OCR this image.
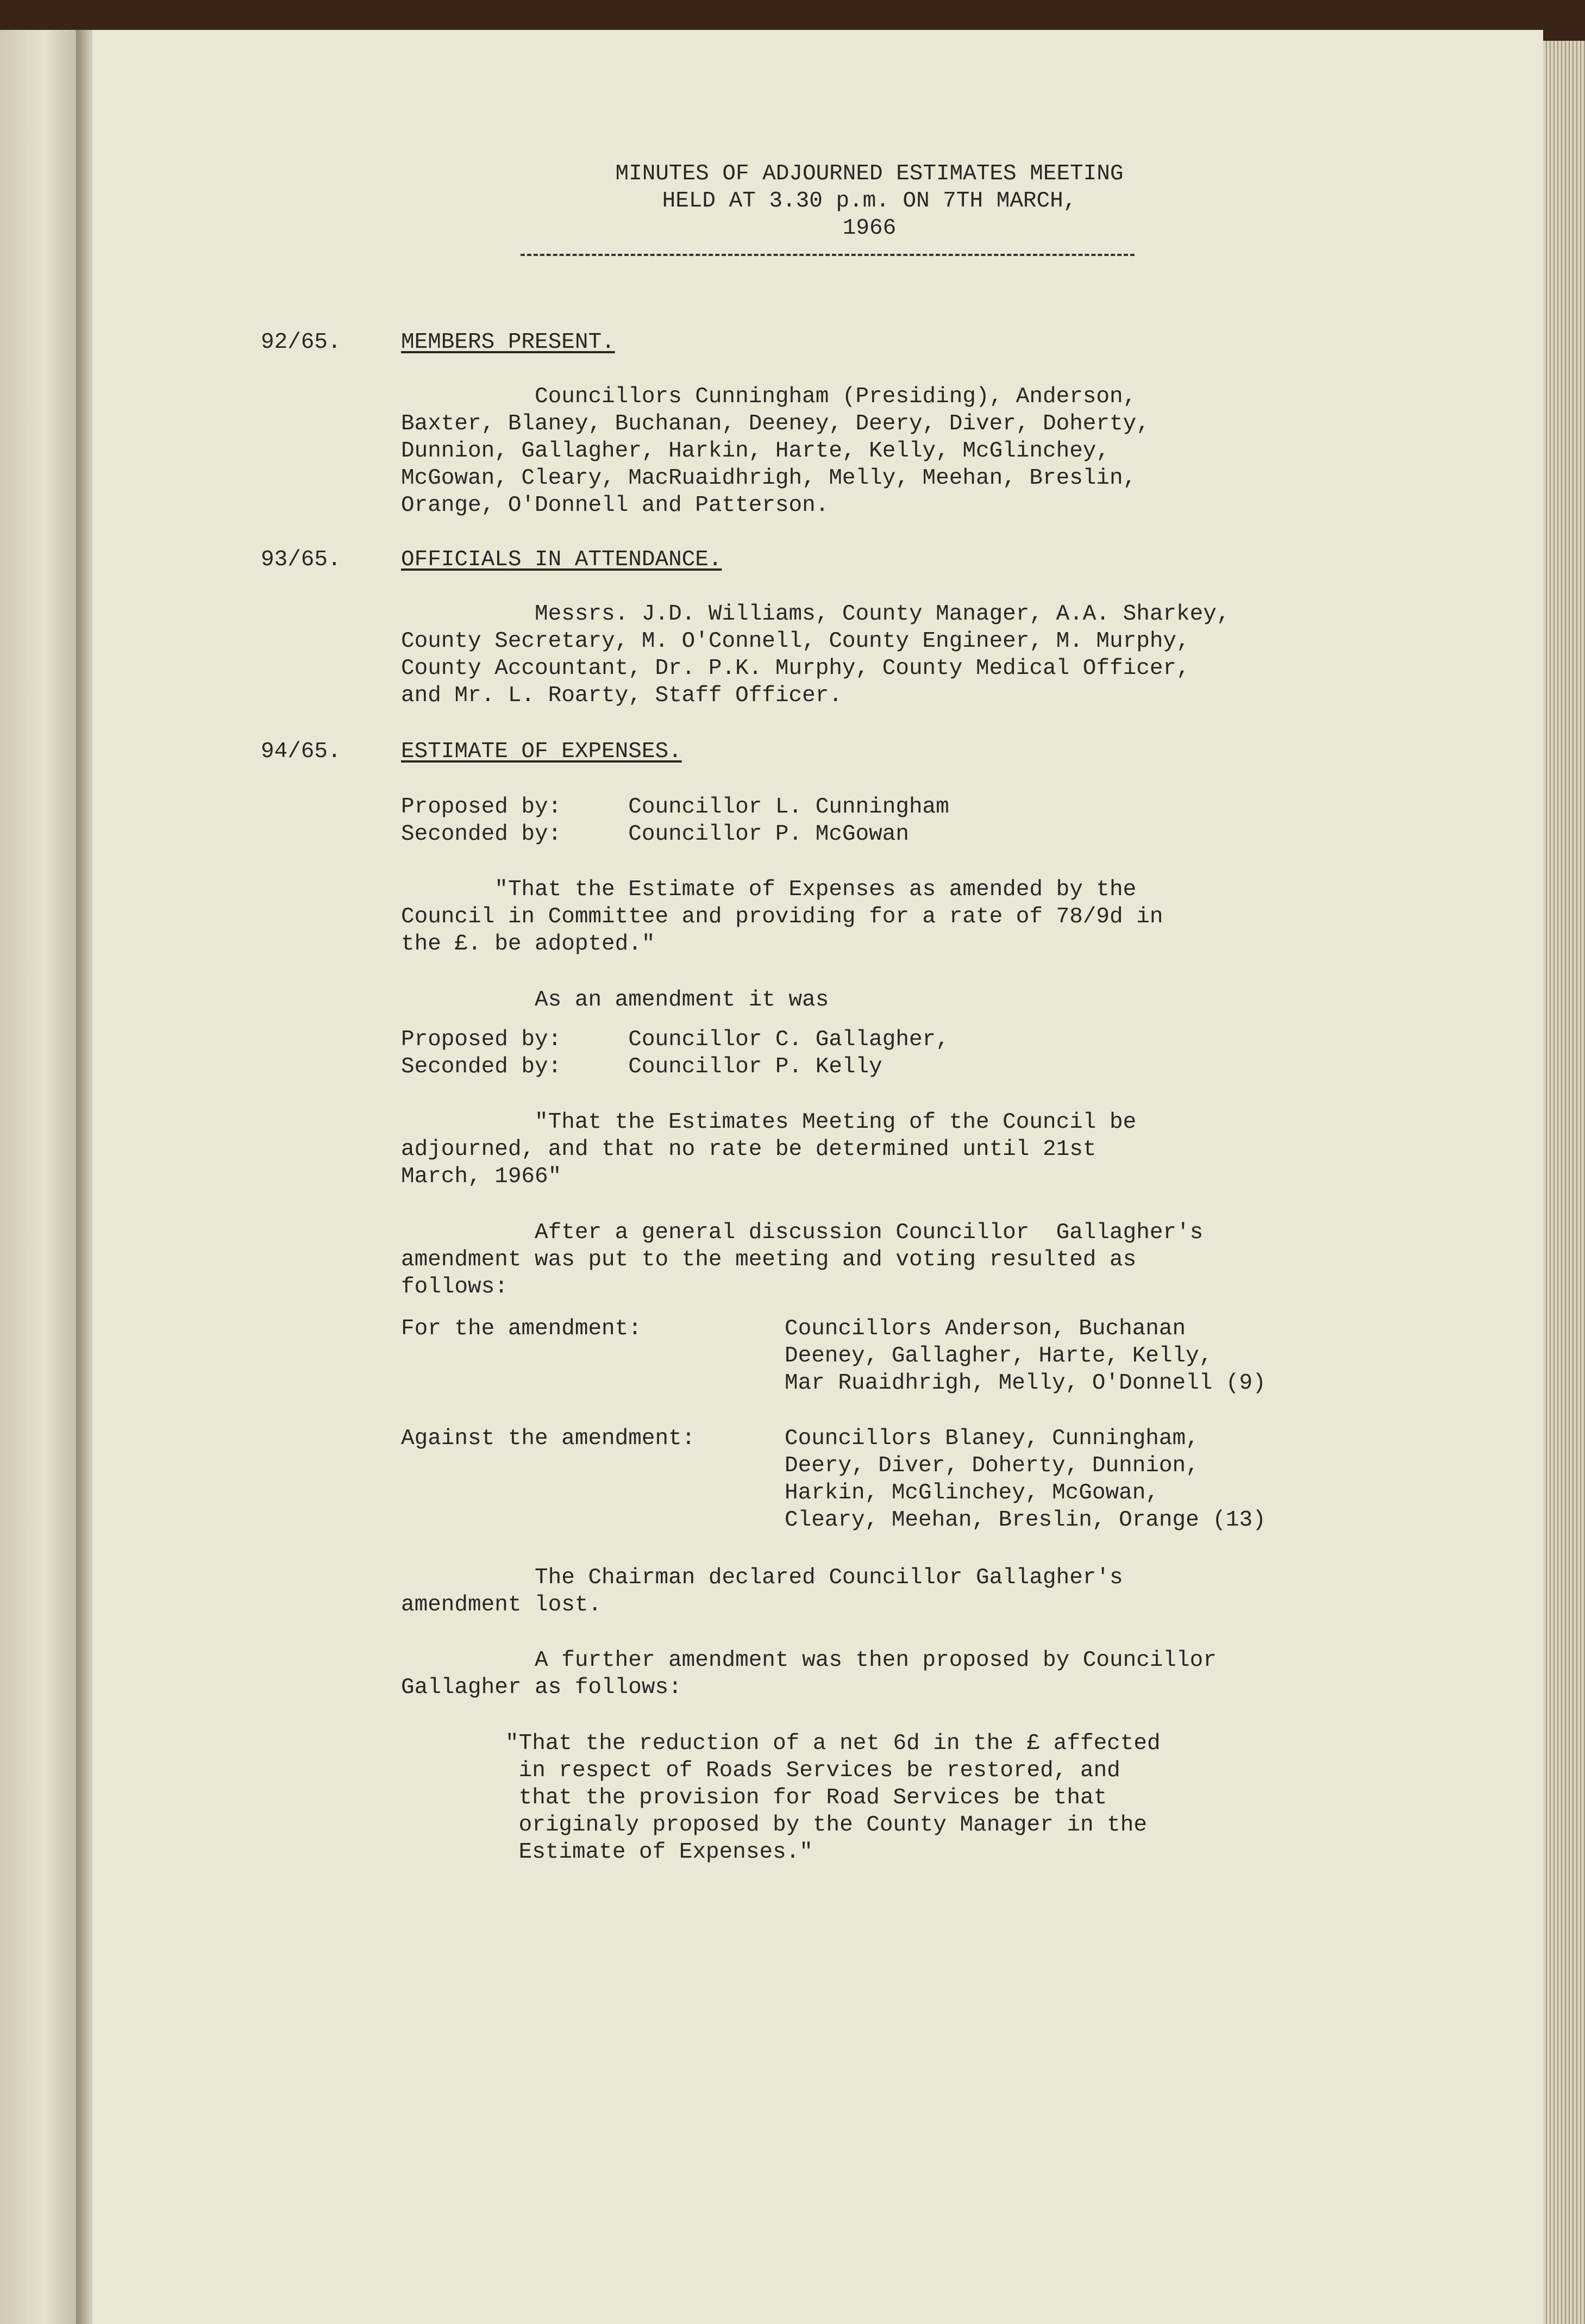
MINUTES OF ADJOURNED ESTIMATES MEETING
HELD AT 3.30 p.m. ON 7TH MARCH,
1966
92/65.	MEMBERS PRESENT.
Councillors Cunningham (Presiding), Anderson,
Baxter, Blaney, Buchanan, Deeney, Deery, Diver, Doherty,
Dunnion, Gallagher, Harkin, Harte, Kelly, McGlinchey,
McGowan, Cleary, MacRuaidhrigh, Melly, Meehan, Breslin,
Orange, O'Donnell and Patterson.
93/65.	OFFICIALS IN ATTENDANCE.
Messrs. J.D. Williams, County Manager, A.A. Sharkey,
County Secretary, M. O'Connell, County Engineer, M. Murphy,
County Accountant, Dr. P.K. Murphy, County Medical Officer,
and Mr. L. Roarty, Staff Officer.
94/65.	ESTIMATE OF EXPENSES.
Proposed by:     Councillor L. Cunningham
Seconded by:     Councillor P. McGowan
"That the Estimate of Expenses as amended by the
Council in Committee and providing for a rate of 78/9d in
the £. be adopted."
As an amendment it was
Proposed by:     Councillor C. Gallagher,
Seconded by:     Councillor P. Kelly
"That the Estimates Meeting of the Council be
adjourned, and that no rate be determined until 21st
March, 1966"
After a general discussion Councillor  Gallagher's
amendment was put to the meeting and voting resulted as
follows:
For the amendment:	Councillors Anderson, Buchanan
Deeney, Gallagher, Harte, Kelly,
Mar Ruaidhrigh, Melly, O'Donnell (9)
Against the amendment:	Councillors Blaney, Cunningham,
Deery, Diver, Doherty, Dunnion,
Harkin, McGlinchey, McGowan,
Cleary, Meehan, Breslin, Orange (13)
The Chairman declared Councillor Gallagher's
amendment lost.
A further amendment was then proposed by Councillor
Gallagher as follows:
"That the reduction of a net 6d in the £ affected
in respect of Roads Services be restored, and
that the provision for Road Services be that
originaly proposed by the County Manager in the
Estimate of Expenses."
